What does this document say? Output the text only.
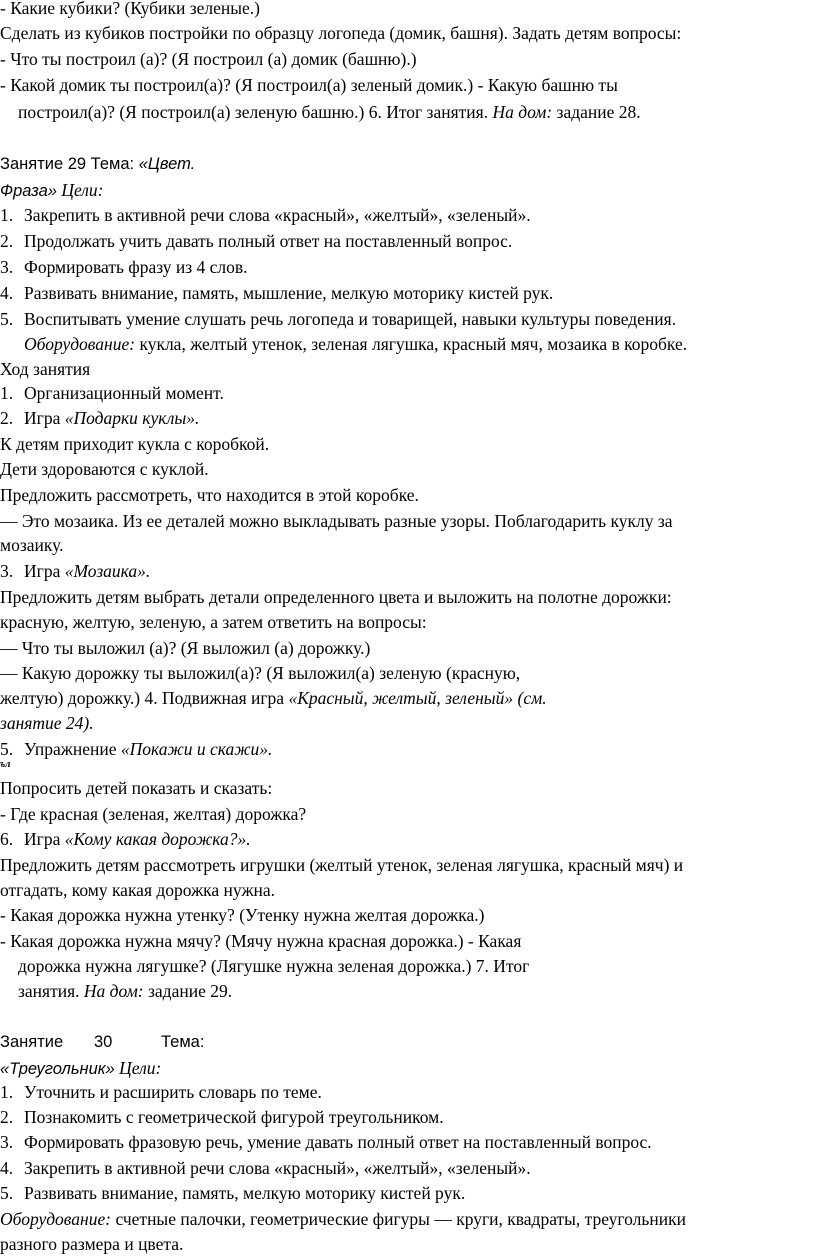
- Какие кубики? (Кубики зеленые.)
Сделать из кубиков постройки по образцу логопеда (домик, башня). Задать детям вопросы:
- Что ты построил (а)? (Я построил (а) домик (башню).)
- Какой домик ты построил(а)? (Я построил(а) зеленый домик.) - Какую башню ты
построил(а)? (Я построил(а) зеленую башню.) 6. Итог занятия. На дом: задание 28.
Занятие 29 Тема: «Цвет.
Фраза» Цели:
1. Закрепить в активной речи слова «красный», «желтый», «зеленый».
2. Продолжать учить давать полный ответ на поставленный вопрос.
3. Формировать фразу из 4 слов.
4. Развивать внимание, память, мышление, мелкую моторику кистей рук.
5. Воспитывать умение слушать речь логопеда и товарищей, навыки культуры поведения.
Оборудование: кукла, желтый утенок, зеленая лягушка, красный мяч, мозаика в коробке.
Ход занятия
1. Организационный момент.
2. Игра «Подарки куклы».
К детям приходит кукла с коробкой.
Дети здороваются с куклой.
Предложить рассмотреть, что находится в этой коробке.
— Это мозаика. Из ее деталей можно выкладывать разные узоры. Поблагодарить куклу за
мозаику.
3. Игра «Мозаика».
Предложить детям выбрать детали определенного цвета и выложить на полотне дорожки:
красную, желтую, зеленую, а затем ответить на вопросы:
— Что ты выложил (а)? (Я выложил (а) дорожку.)
— Какую дорожку ты выложил(а)? (Я выложил(а) зеленую (красную,
желтую) дорожку.) 4. Подвижная игра «Красный, желтый, зеленый» (см.
занятие 24).
5. Упражнение «Покажи и скажи».
ъл
Попросить детей показать и сказать:
- Где красная (зеленая, желтая) дорожка?
6. Игра «Кому какая дорожка?».
Предложить детям рассмотреть игрушки (желтый утенок, зеленая лягушка, красный мяч) и
отгадать, кому какая дорожка нужна.
- Какая дорожка нужна утенку? (Утенку нужна желтая дорожка.)
- Какая дорожка нужна мячу? (Мячу нужна красная дорожка.) - Какая
дорожка нужна лягушке? (Лягушке нужна зеленая дорожка.) 7. Итог
занятия. На дом: задание 29.
Занятие 30	Тема:
«Треугольник» Цели:
1. Уточнить и расширить словарь по теме.
2. Познакомить с геометрической фигурой треугольником.
3. Формировать фразовую речь, умение давать полный ответ на поставленный вопрос.
4. Закрепить в активной речи слова «красный», «желтый», «зеленый».
5. Развивать внимание, память, мелкую моторику кистей рук.
Оборудование: счетные палочки, геометрические фигуры — круги, квадраты, треугольники
разного размера и цвета.
